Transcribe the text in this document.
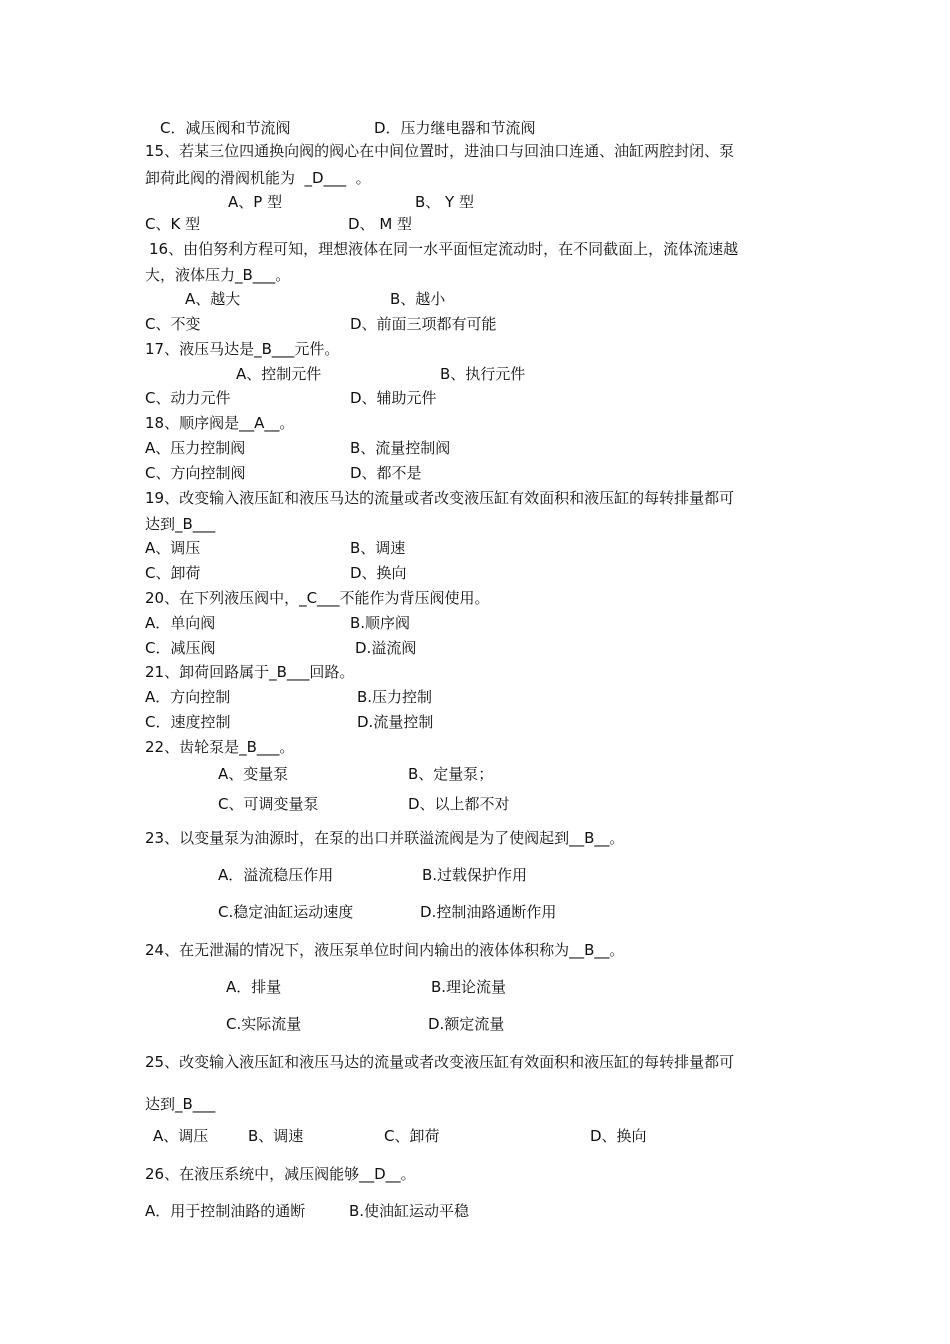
C．减压阀和节流阀	D．压力继电器和节流阀
15、若某三位四通换向阀的阀心在中间位置时，进油口与回油口连通、油缸两腔封闭、泵
卸荷此阀的滑阀机能为  _D___  。
A、P 型	B、 Y 型
C、K 型	D、 M 型
16、由伯努利方程可知，理想液体在同一水平面恒定流动时，在不同截面上，流体流速越
大，液体压力_B___。
A、越大	B、越小
C、不变	D、前面三项都有可能
17、液压马达是_B___元件。
A、控制元件	B、执行元件
C、动力元件	D、辅助元件
18、顺序阀是__A__。
A、压力控制阀	B、流量控制阀
C、方向控制阀	D、都不是
19、改变输入液压缸和液压马达的流量或者改变液压缸有效面积和液压缸的每转排量都可
达到_B___
A、调压	B、调速
C、卸荷	D、换向
20、在下列液压阀中，_C___不能作为背压阀使用。
A．单向阀	B.顺序阀
C．减压阀	D.溢流阀
21、卸荷回路属于_B___回路。
A．方向控制	B.压力控制
C．速度控制	D.流量控制
22、齿轮泵是_B___。
A、变量泵	B、定量泵；
C、可调变量泵	D、以上都不对
23、以变量泵为油源时，在泵的出口并联溢流阀是为了使阀起到__B__。
A．溢流稳压作用	B.过载保护作用
C.稳定油缸运动速度	D.控制油路通断作用
24、在无泄漏的情况下，液压泵单位时间内输出的液体体积称为__B__。
A．排量	B.理论流量
C.实际流量	D.额定流量
25、改变输入液压缸和液压马达的流量或者改变液压缸有效面积和液压缸的每转排量都可
达到_B___
A、调压	B、调速	C、卸荷	D、换向
26、在液压系统中，减压阀能够__D__。
A．用于控制油路的通断	B.使油缸运动平稳
